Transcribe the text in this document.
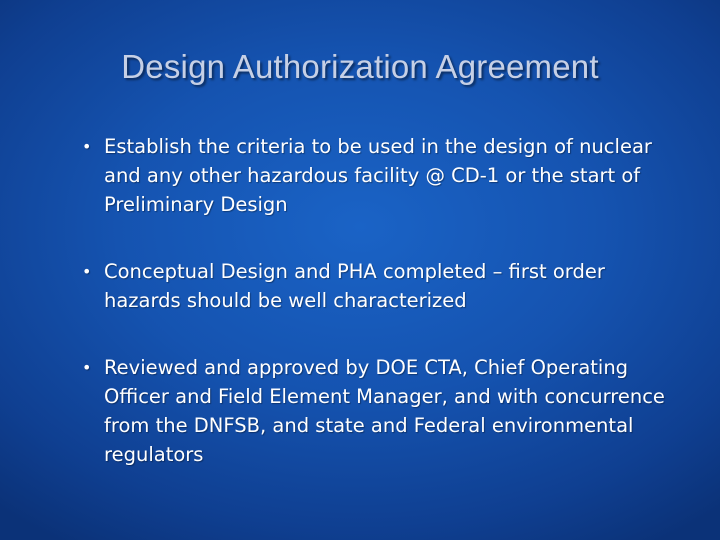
Design Authorization Agreement
• Establish the criteria to be used in the design of nuclear and any other hazardous facility @ CD-1 or the start of Preliminary Design
• Conceptual Design and PHA completed – first order hazards should be well characterized
• Reviewed and approved by DOE CTA, Chief Operating Officer and Field Element Manager, and with concurrence from the DNFSB, and state and Federal environmental regulators
